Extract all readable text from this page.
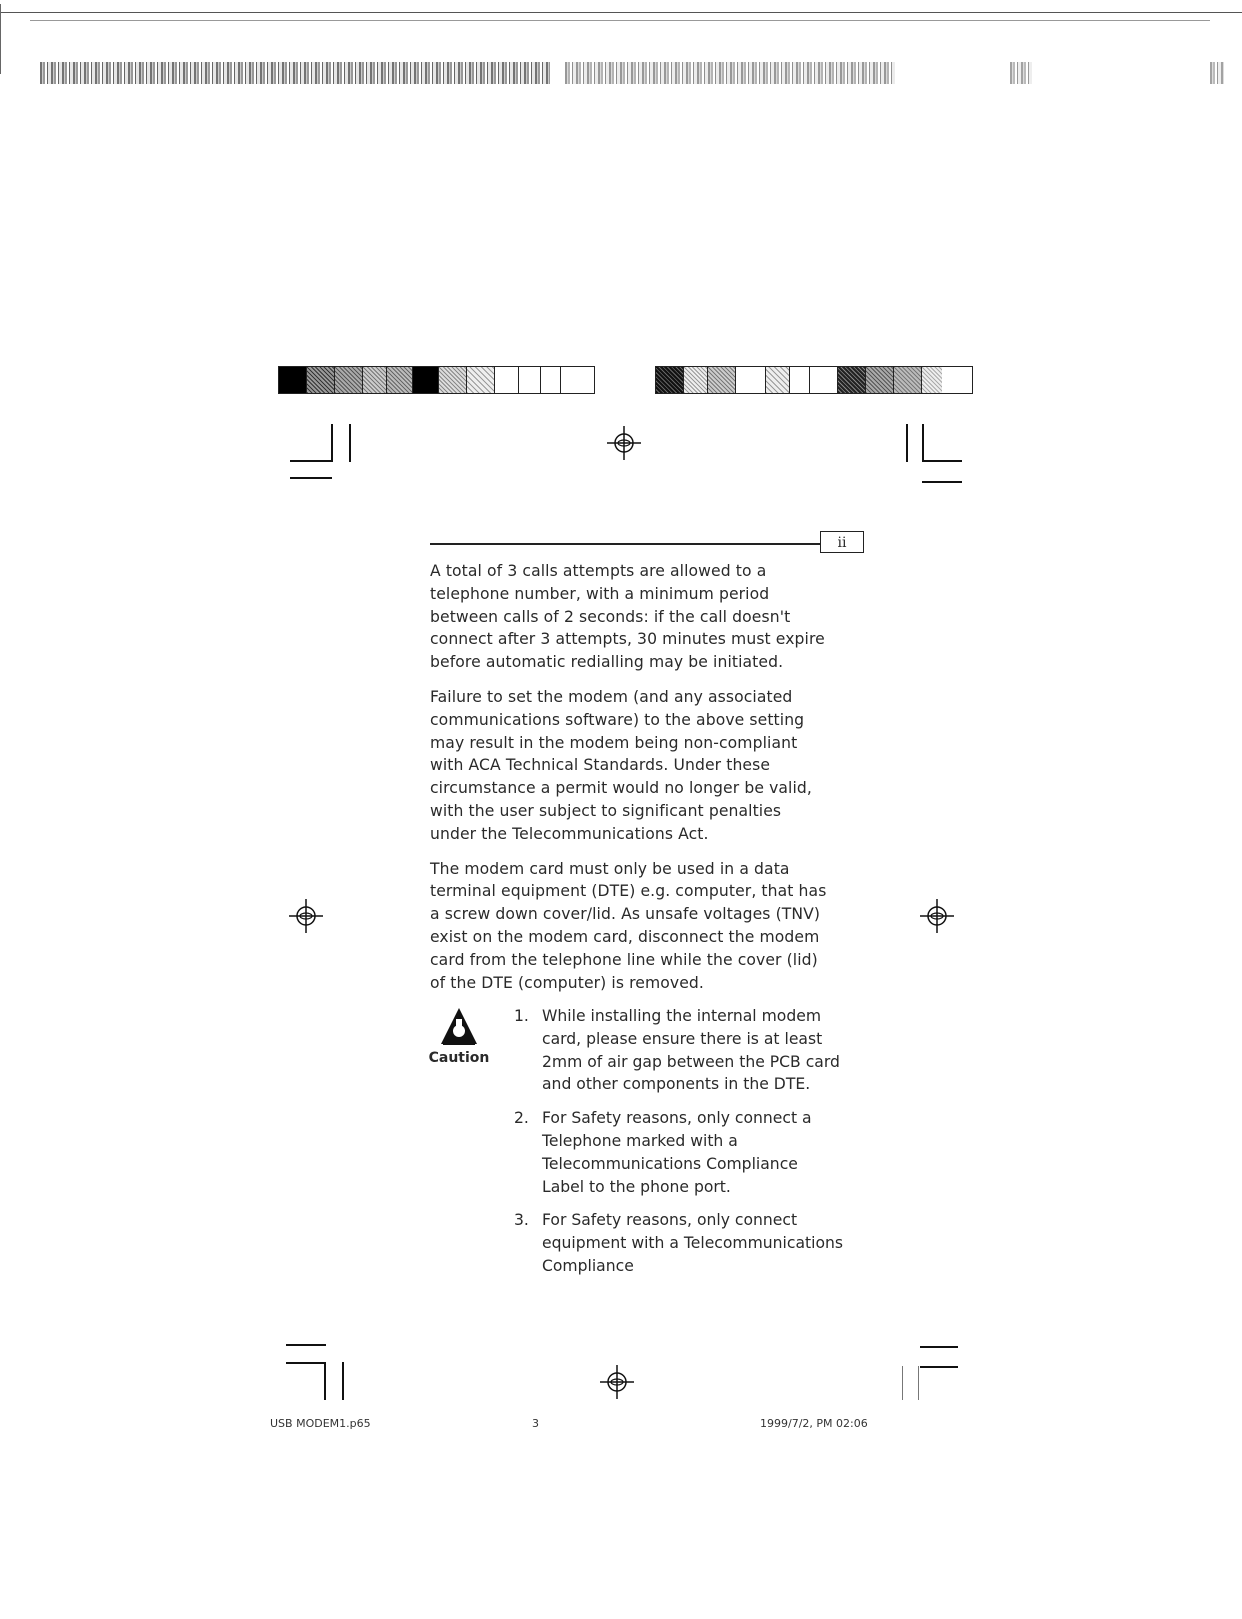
ii

A total of 3 calls attempts are allowed to a telephone number, with a minimum period between calls of 2 seconds: if the call doesn't connect after 3 attempts, 30 minutes must expire before automatic redialling may be initiated.

Failure to set the modem (and any associated communications software) to the above setting may result in the modem being non-compliant with ACA Technical Standards. Under these circumstance a permit would no longer be valid, with the user subject to significant penalties under the Telecommunications Act.

The modem card must only be used in a data terminal equipment (DTE) e.g. computer, that has a screw down cover/lid. As unsafe voltages (TNV) exist on the modem card, disconnect the modem card from the telephone line while the cover (lid) of the DTE (computer) is removed.

Caution
1. While installing the internal modem card, please ensure there is at least 2mm of air gap between the PCB card and other components in the DTE.
2. For Safety reasons, only connect a Telephone marked with a Telecommunications Compliance Label to the phone port.
3. For Safety reasons, only connect equipment with a Telecommunications Compliance
USB MODEM1.p65	3	1999/7/2, PM 02:06
